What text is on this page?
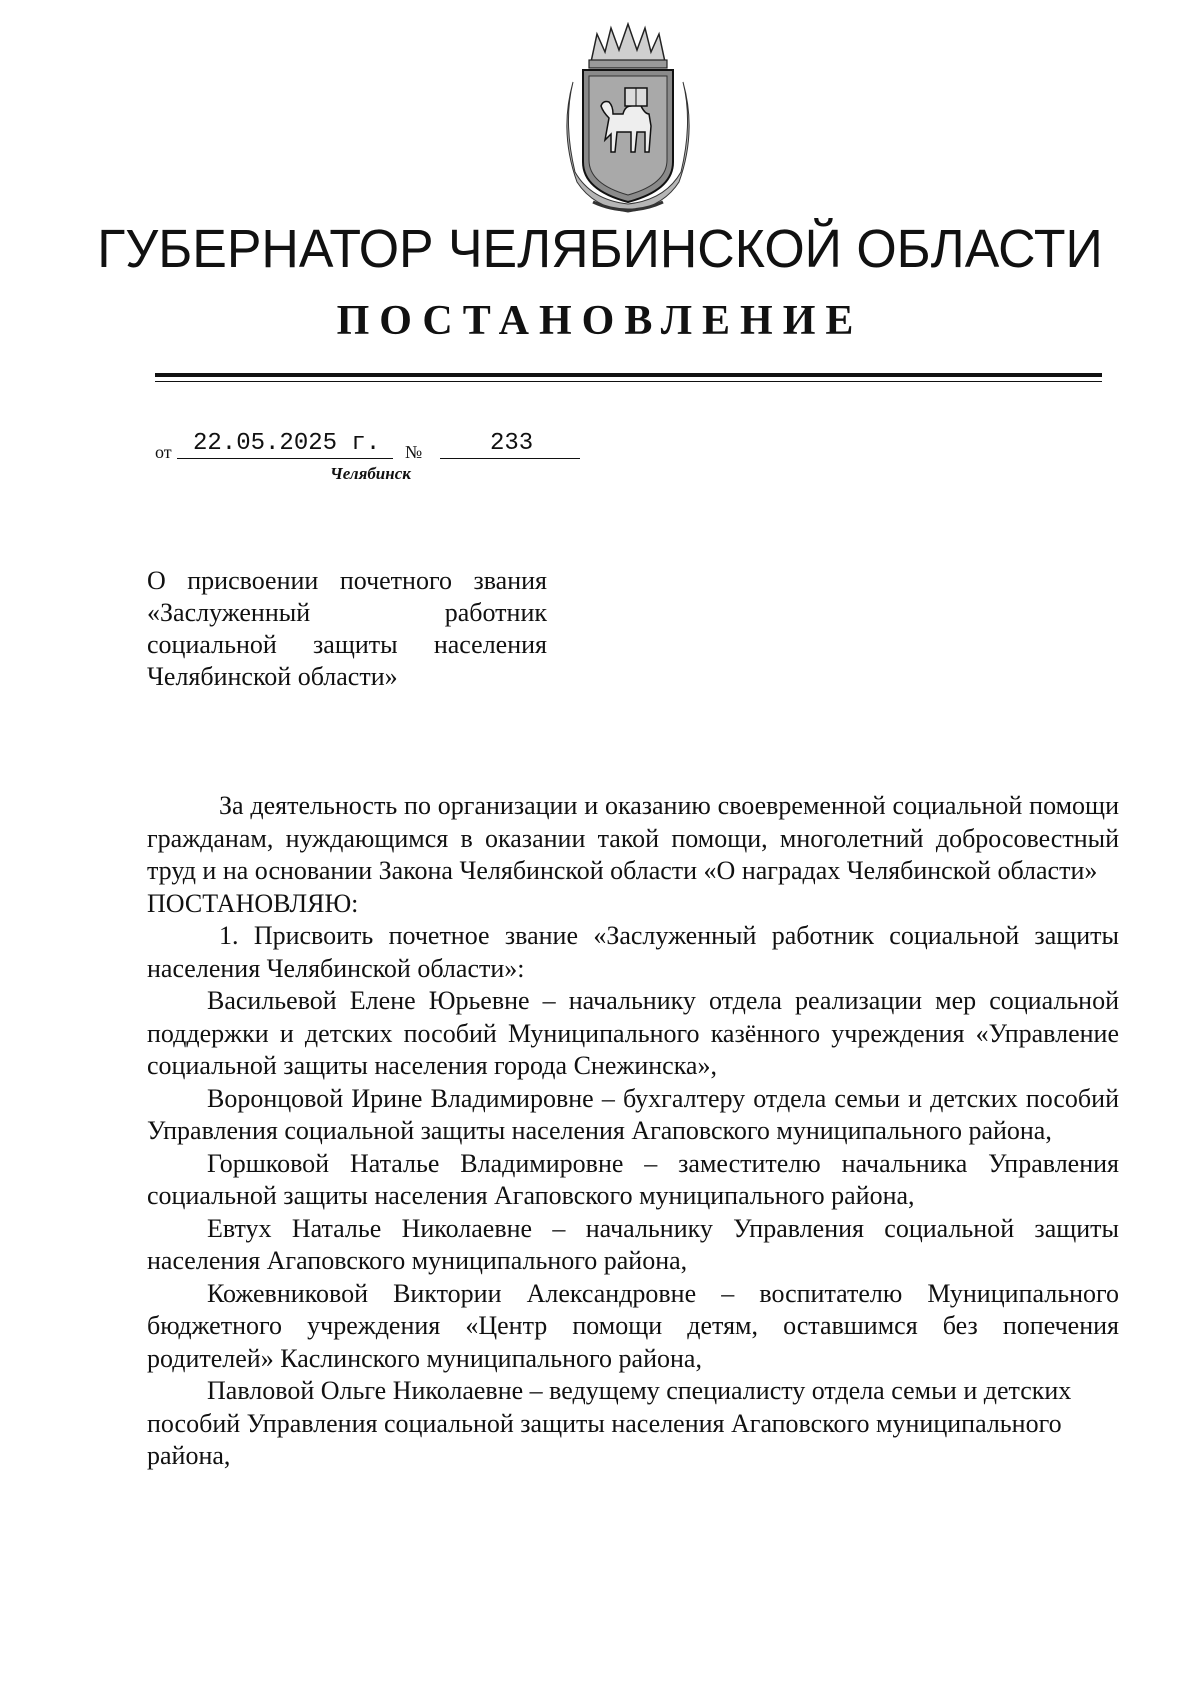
ГУБЕРНАТОР ЧЕЛЯБИНСКОЙ ОБЛАСТИ
ПОСТАНОВЛЕНИЕ
от 22.05.2025 г.	№	233
Челябинск
О присвоении почетного звания «Заслуженный работник социальной защиты населения Челябинской области»

За деятельность по организации и оказанию своевременной социальной помощи гражданам, нуждающимся в оказании такой помощи, многолетний добросовестный труд и на основании Закона Челябинской области «О наградах Челябинской области»

ПОСТАНОВЛЯЮ:

1. Присвоить почетное звание «Заслуженный работник социальной защиты населения Челябинской области»:

Васильевой Елене Юрьевне – начальнику отдела реализации мер социальной поддержки и детских пособий Муниципального казённого учреждения «Управление социальной защиты населения города Снежинска»,

Воронцовой Ирине Владимировне – бухгалтеру отдела семьи и детских пособий Управления социальной защиты населения Агаповского муниципального района,

Горшковой Наталье Владимировне – заместителю начальника Управления социальной защиты населения Агаповского муниципального района,

Евтух Наталье Николаевне – начальнику Управления социальной защиты населения Агаповского муниципального района,

Кожевниковой Виктории Александровне – воспитателю Муниципального бюджетного учреждения «Центр помощи детям, оставшимся без попечения родителей» Каслинского муниципального района,

Павловой Ольге Николаевне – ведущему специалисту отдела семьи и детских пособий Управления социальной защиты населения Агаповского муниципального района,
